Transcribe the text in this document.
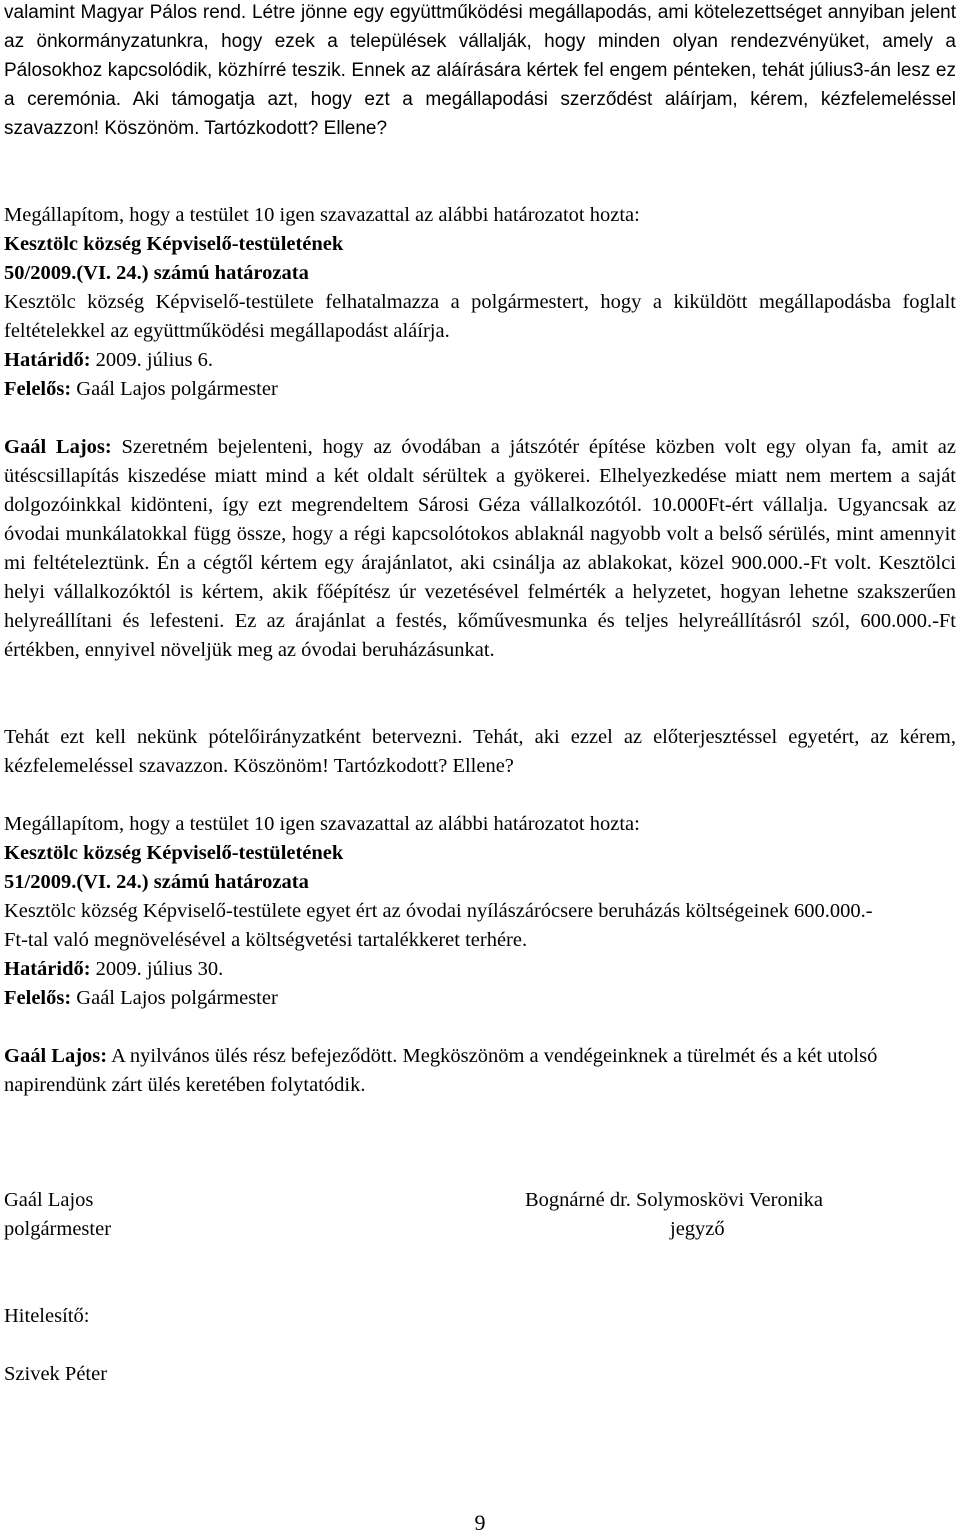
valamint Magyar Pálos rend. Létre jönne egy együttműködési megállapodás, ami kötelezettséget annyiban jelent az önkormányzatunkra, hogy ezek a települések vállalják, hogy minden olyan rendezvényüket, amely a Pálosokhoz kapcsolódik, közhírré teszik. Ennek az aláírására kértek fel engem pénteken, tehát július3-án lesz ez a ceremónia. Aki támogatja azt, hogy ezt a megállapodási szerződést aláírjam, kérem, kézfelemeléssel szavazzon! Köszönöm. Tartózkodott? Ellene?

Megállapítom, hogy a testület 10 igen szavazattal az alábbi határozatot hozta:

Kesztölc község Képviselő-testületének

50/2009.(VI. 24.) számú határozata

Kesztölc község Képviselő-testülete felhatalmazza a polgármestert, hogy a kiküldött megállapodásba foglalt feltételekkel az együttműködési megállapodást aláírja.

Határidő: 2009. július 6.

Felelős: Gaál Lajos polgármester

Gaál Lajos: Szeretném bejelenteni, hogy az óvodában a játszótér építése közben volt egy olyan fa, amit az ütéscsillapítás kiszedése miatt mind a két oldalt sérültek a gyökerei. Elhelyezkedése miatt nem mertem a saját dolgozóinkkal kidönteni, így ezt megrendeltem Sárosi Géza vállalkozótól. 10.000Ft-ért vállalja. Ugyancsak az óvodai munkálatokkal függ össze, hogy a régi kapcsolótokos ablaknál nagyobb volt a belső sérülés, mint amennyit mi feltételeztünk. Én a cégtől kértem egy árajánlatot, aki csinálja az ablakokat, közel 900.000.-Ft volt. Kesztölci helyi vállalkozóktól is kértem, akik főépítész úr vezetésével felmérték a helyzetet, hogyan lehetne szakszerűen helyreállítani és lefesteni. Ez az árajánlat a festés, kőművesmunka és teljes helyreállításról szól, 600.000.-Ft értékben, ennyivel növeljük meg az óvodai beruházásunkat.

Tehát ezt kell nekünk pótelőirányzatként betervezni. Tehát, aki ezzel az előterjesztéssel egyetért, az kérem, kézfelemeléssel szavazzon. Köszönöm! Tartózkodott? Ellene?

Megállapítom, hogy a testület 10 igen szavazattal az alábbi határozatot hozta:

Kesztölc község Képviselő-testületének

51/2009.(VI. 24.) számú határozata

Kesztölc község Képviselő-testülete egyet ért az óvodai nyílászárócsere beruházás költségeinek 600.000.-Ft-tal való megnövelésével a költségvetési tartalékkeret terhére.

Határidő: 2009. július 30.

Felelős: Gaál Lajos polgármester

Gaál Lajos: A nyilvános ülés rész befejeződött. Megköszönöm a vendégeinknek a türelmét és a két utolsó napirendünk zárt ülés keretében folytatódik.

Gaál Lajos
polgármester
Bognárné dr. Solymoskövi Veronika
jegyző
Hitelesítő:
Szivek Péter
9
